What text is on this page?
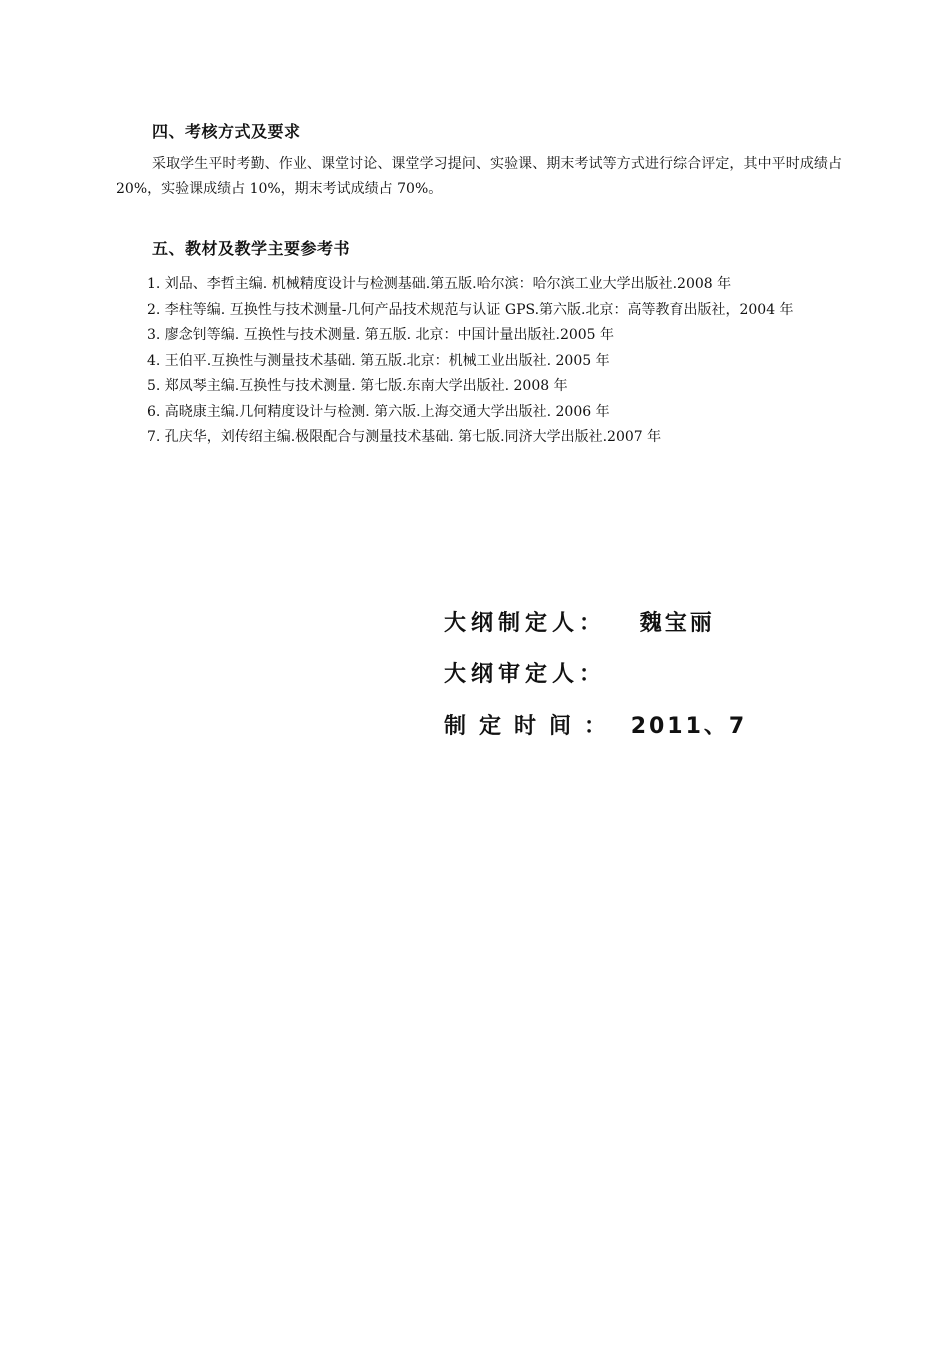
四、考核方式及要求
采取学生平时考勤、作业、课堂讨论、课堂学习提问、实验课、期末考试等方式进行综合评定，其中平时成绩占 20%，实验课成绩占 10%，期末考试成绩占 70%。
五、教材及教学主要参考书
1. 刘品、李哲主编. 机械精度设计与检测基础.第五版.哈尔滨：哈尔滨工业大学出版社.2008 年
2. 李柱等编. 互换性与技术测量-几何产品技术规范与认证 GPS.第六版.北京：高等教育出版社，2004 年
3. 廖念钊等编. 互换性与技术测量. 第五版. 北京：中国计量出版社.2005 年
4. 王伯平.互换性与测量技术基础. 第五版.北京：机械工业出版社. 2005 年
5. 郑凤琴主编.互换性与技术测量. 第七版.东南大学出版社. 2008 年
6. 高晓康主编.几何精度设计与检测. 第六版.上海交通大学出版社. 2006 年
7. 孔庆华，刘传绍主编.极限配合与测量技术基础. 第七版.同济大学出版社.2007 年
大纲制定人： 魏宝丽
大纲审定人：
制定时间： 2011、7
